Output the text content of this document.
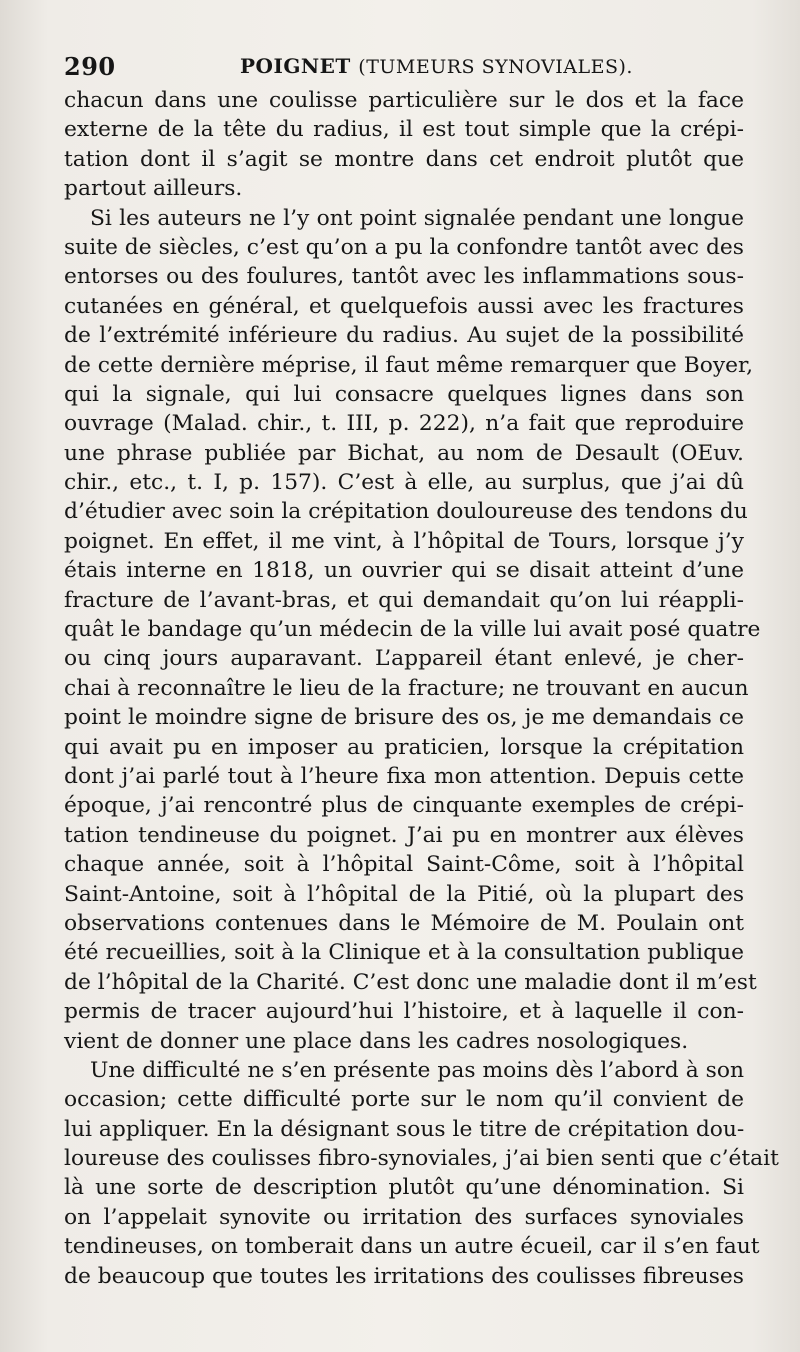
290	POIGNET (TUMEURS SYNOVIALES).
chacun dans une coulisse particulière sur le dos et la face
externe de la tête du radius, il est tout simple que la crépi-
tation dont il s’agit se montre dans cet endroit plutôt que
partout ailleurs.
Si les auteurs ne l’y ont point signalée pendant une longue
suite de siècles, c’est qu’on a pu la confondre tantôt avec des
entorses ou des foulures, tantôt avec les inflammations sous-
cutanées en général, et quelquefois aussi avec les fractures
de l’extrémité inférieure du radius. Au sujet de la possibilité
de cette dernière méprise, il faut même remarquer que Boyer,
qui la signale, qui lui consacre quelques lignes dans son
ouvrage (Malad. chir., t. III, p. 222), n’a fait que reproduire
une phrase publiée par Bichat, au nom de Desault (OEuv.
chir., etc., t. I, p. 157). C’est à elle, au surplus, que j’ai dû
d’étudier avec soin la crépitation douloureuse des tendons du
poignet. En effet, il me vint, à l’hôpital de Tours, lorsque j’y
étais interne en 1818, un ouvrier qui se disait atteint d’une
fracture de l’avant-bras, et qui demandait qu’on lui réappli-
quât le bandage qu’un médecin de la ville lui avait posé quatre
ou cinq jours auparavant. L’appareil étant enlevé, je cher-
chai à reconnaître le lieu de la fracture; ne trouvant en aucun
point le moindre signe de brisure des os, je me demandais ce
qui avait pu en imposer au praticien, lorsque la crépitation
dont j’ai parlé tout à l’heure fixa mon attention. Depuis cette
époque, j’ai rencontré plus de cinquante exemples de crépi-
tation tendineuse du poignet. J’ai pu en montrer aux élèves
chaque année, soit à l’hôpital Saint-Côme, soit à l’hôpital
Saint-Antoine, soit à l’hôpital de la Pitié, où la plupart des
observations contenues dans le Mémoire de M. Poulain ont
été recueillies, soit à la Clinique et à la consultation publique
de l’hôpital de la Charité. C’est donc une maladie dont il m’est
permis de tracer aujourd’hui l’histoire, et à laquelle il con-
vient de donner une place dans les cadres nosologiques.
Une difficulté ne s’en présente pas moins dès l’abord à son
occasion; cette difficulté porte sur le nom qu’il convient de
lui appliquer. En la désignant sous le titre de crépitation dou-
loureuse des coulisses fibro-synoviales, j’ai bien senti que c’était
là une sorte de description plutôt qu’une dénomination. Si
on l’appelait synovite ou irritation des surfaces synoviales
tendineuses, on tomberait dans un autre écueil, car il s’en faut
de beaucoup que toutes les irritations des coulisses fibreuses
